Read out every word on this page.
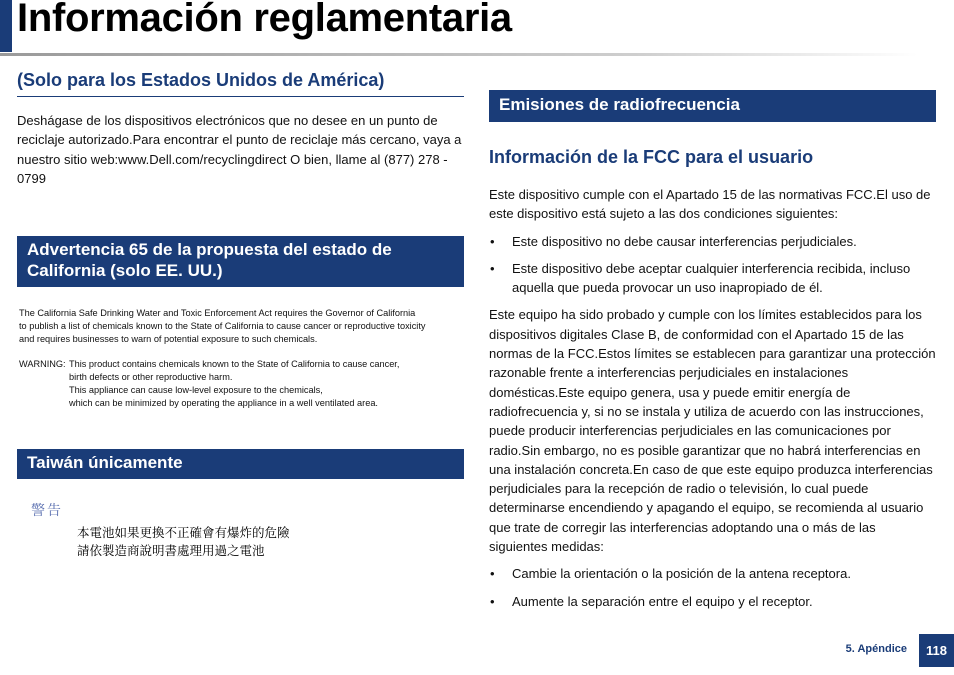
Información reglamentaria
(Solo para los Estados Unidos de América)
Deshágase de los dispositivos electrónicos que no desee en un punto de reciclaje autorizado.Para encontrar el punto de reciclaje más cercano, vaya a nuestro sitio web:www.Dell.com/recyclingdirect O bien, llame al (877) 278 - 0799
Advertencia 65 de la propuesta del estado de California (solo EE. UU.)
The California Safe Drinking Water and Toxic Enforcement Act requires the Governor of California
to publish a list of chemicals known to the State of California to cause cancer or reproductive toxicity
and requires businesses to warn of potential exposure to such chemicals.
WARNING: This product contains chemicals known to the State of California to cause cancer,
birth defects or other reproductive harm.
This appliance can cause low-level exposure to the chemicals,
which can be minimized by operating the appliance in a well ventilated area.
Taiwán únicamente
警告
本電池如果更換不正確會有爆炸的危險
請依製造商說明書處理用過之電池
Emisiones de radiofrecuencia
Información de la FCC para el usuario
Este dispositivo cumple con el Apartado 15 de las normativas FCC.El uso de este dispositivo está sujeto a las dos condiciones siguientes:
• Este dispositivo no debe causar interferencias perjudiciales.
• Este dispositivo debe aceptar cualquier interferencia recibida, incluso aquella que pueda provocar un uso inapropiado de él.
Este equipo ha sido probado y cumple con los límites establecidos para los dispositivos digitales Clase B, de conformidad con el Apartado 15 de las normas de la FCC.Estos límites se establecen para garantizar una protección razonable frente a interferencias perjudiciales en instalaciones domésticas.Este equipo genera, usa y puede emitir energía de radiofrecuencia y, si no se instala y utiliza de acuerdo con las instrucciones, puede producir interferencias perjudiciales en las comunicaciones por radio.Sin embargo, no es posible garantizar que no habrá interferencias en una instalación concreta.En caso de que este equipo produzca interferencias perjudiciales para la recepción de radio o televisión, lo cual puede determinarse encendiendo y apagando el equipo, se recomienda al usuario que trate de corregir las interferencias adoptando una o más de las siguientes medidas:
• Cambie la orientación o la posición de la antena receptora.
• Aumente la separación entre el equipo y el receptor.
5. Apéndice	118
